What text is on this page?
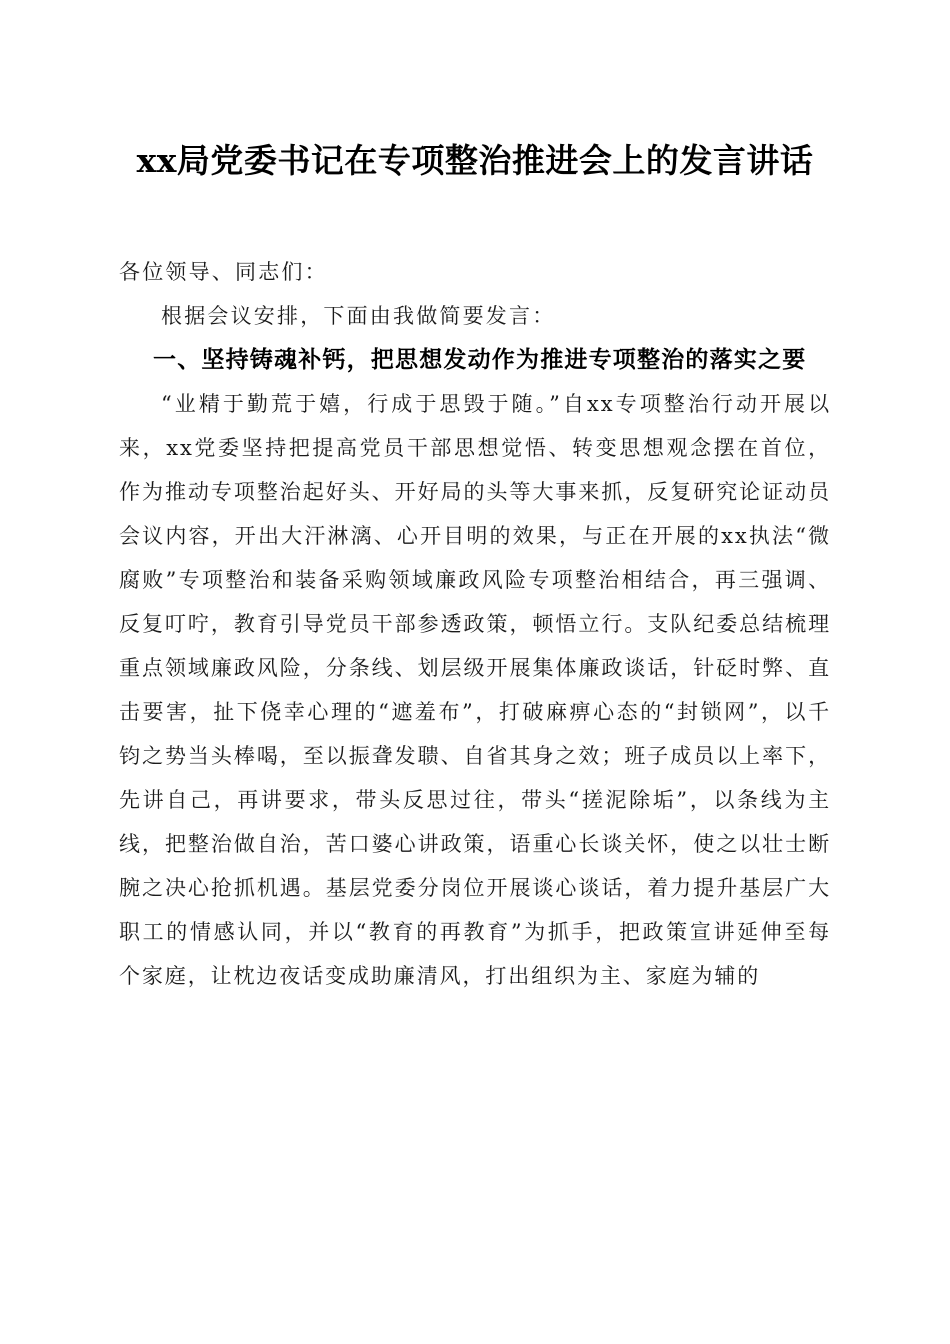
xx局党委书记在专项整治推进会上的发言讲话

各位领导、同志们：

根据会议安排，下面由我做简要发言：

一、坚持铸魂补钙，把思想发动作为推进专项整治的落实之要

“业精于勤荒于嬉，行成于思毁于随。”自xx专项整治行动开展以来，xx党委坚持把提高党员干部思想觉悟、转变思想观念摆在首位，作为推动专项整治起好头、开好局的头等大事来抓，反复研究论证动员会议内容，开出大汗淋漓、心开目明的效果，与正在开展的xx执法“微腐败”专项整治和装备采购领域廉政风险专项整治相结合，再三强调、反复叮咛，教育引导党员干部参透政策，顿悟立行。支队纪委总结梳理重点领域廉政风险，分条线、划层级开展集体廉政谈话，针砭时弊、直击要害，扯下侥幸心理的“遮羞布”，打破麻痹心态的“封锁网”，以千钧之势当头棒喝，至以振聋发聩、自省其身之效；班子成员以上率下，先讲自己，再讲要求，带头反思过往，带头“搓泥除垢”，以条线为主线，把整治做自治，苦口婆心讲政策，语重心长谈关怀，使之以壮士断腕之决心抢抓机遇。基层党委分岗位开展谈心谈话，着力提升基层广大职工的情感认同，并以“教育的再教育”为抓手，把政策宣讲延伸至每个家庭，让枕边夜话变成助廉清风，打出组织为主、家庭为辅的
